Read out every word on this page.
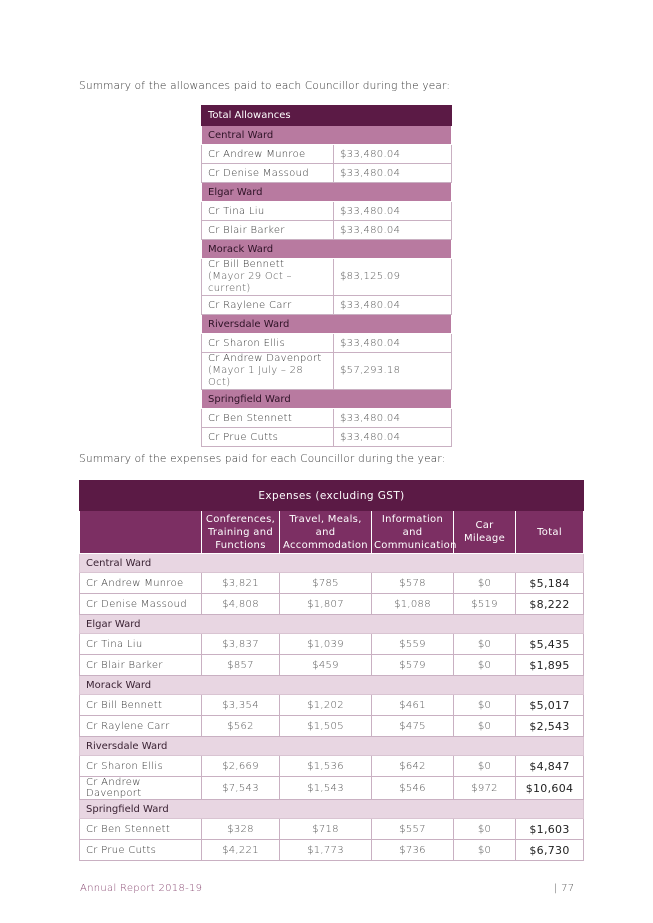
Summary of the allowances paid to each Councillor during the year:
Total Allowances	
Central Ward	

Cr Andrew Munroe	$33,480.04

Cr Denise Massoud	$33,480.04
Elgar Ward	

Cr Tina Liu	$33,480.04

Cr Blair Barker	$33,480.04
Morack Ward	

Cr Bill Bennett
(Mayor 29 Oct – current)	$83,125.09

Cr Raylene Carr	$33,480.04
Riversdale Ward	

Cr Sharon Ellis	$33,480.04

Cr Andrew Davenport
(Mayor 1 July – 28 Oct)	$57,293.18
Springfield Ward	

Cr Ben Stennett	$33,480.04

Cr Prue Cutts	$33,480.04
Summary of the expenses paid for each Councillor during the year:
Expenses (excluding GST)					
	Conferences, Training and Functions	Travel, Meals, and Accommodation	Information and Communication	Car Mileage	Total
Central Ward					
Cr Andrew Munroe	$3,821	$785	$578	$0	$5,184
Cr Denise Massoud	$4,808	$1,807	$1,088	$519	$8,222
Elgar Ward					
Cr Tina Liu	$3,837	$1,039	$559	$0	$5,435
Cr Blair Barker	$857	$459	$579	$0	$1,895
Morack Ward					
Cr Bill Bennett	$3,354	$1,202	$461	$0	$5,017
Cr Raylene Carr	$562	$1,505	$475	$0	$2,543
Riversdale Ward					
Cr Sharon Ellis	$2,669	$1,536	$642	$0	$4,847
Cr Andrew Davenport	$7,543	$1,543	$546	$972	$10,604
Springfield Ward					
Cr Ben Stennett	$328	$718	$557	$0	$1,603
Cr Prue Cutts	$4,221	$1,773	$736	$0	$6,730
Annual Report 2018-19	| 77
